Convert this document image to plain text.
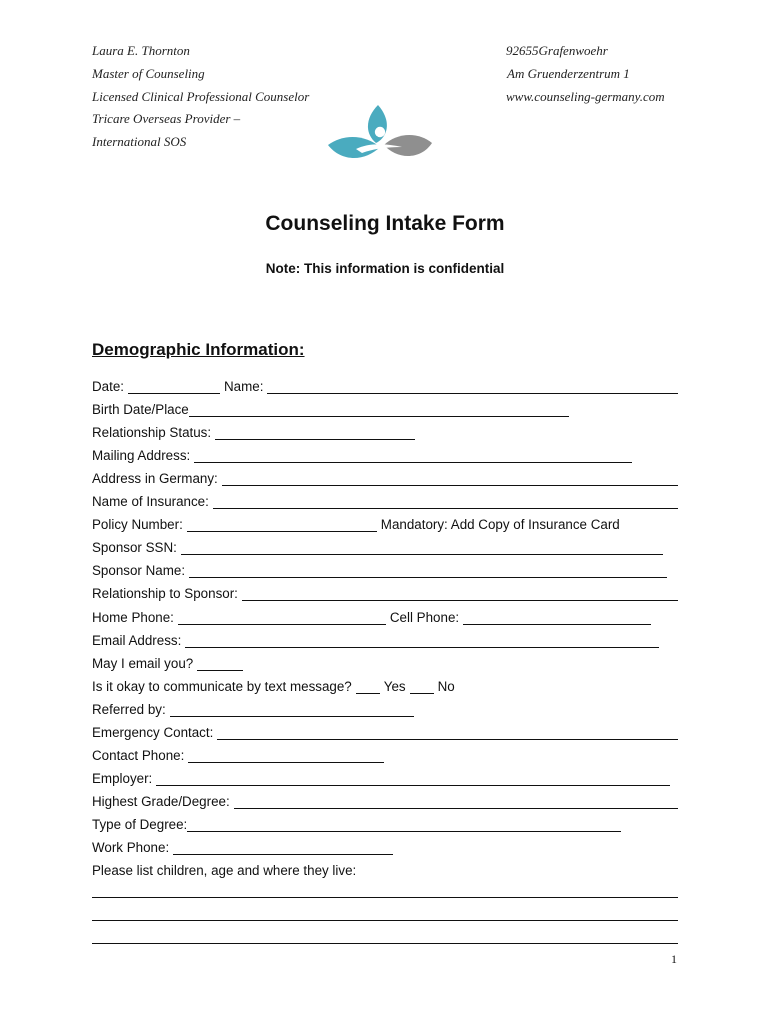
Laura E. Thornton
Master of Counseling
Licensed Clinical Professional Counselor
Tricare Overseas Provider –
International SOS
92655Grafenwoehr
Am Gruenderzentrum 1
www.counseling-germany.com
Counseling Intake Form
Note: This information is confidential
Demographic Information:
Date:	Name:
Birth Date/Place
Relationship Status:
Mailing Address:
Address in Germany:
Name of Insurance:
Policy Number:	Mandatory: Add Copy of Insurance Card
Sponsor SSN:
Sponsor Name:
Relationship to Sponsor:
Home Phone:	Cell Phone:
Email Address:
May I email you?
Is it okay to communicate by text message? Yes No
Referred by:
Emergency Contact:
Contact Phone:
Employer:
Highest Grade/Degree:
Type of Degree:
Work Phone:
Please list children, age and where they live:
1
